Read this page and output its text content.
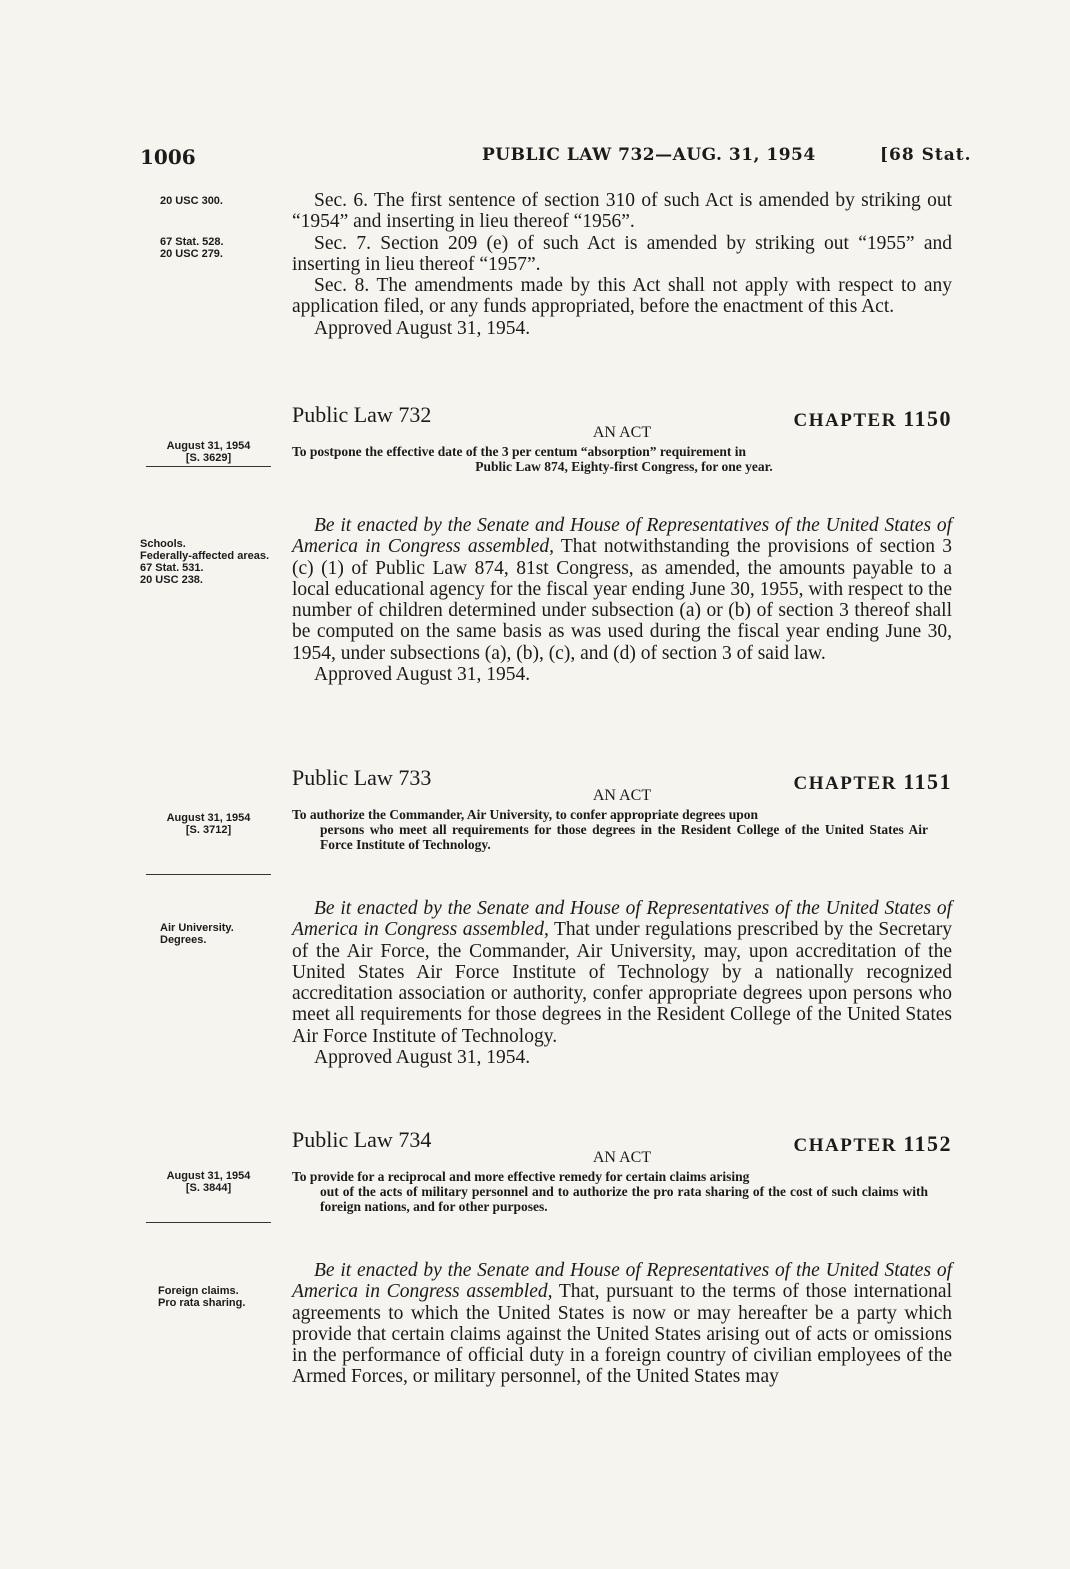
1006	PUBLIC LAW 732—AUG. 31, 1954	[68 Stat.
20 USC 300.
67 Stat. 528.
20 USC 279.

Sec. 6. The first sentence of section 310 of such Act is amended by striking out “1954” and inserting in lieu thereof “1956”.

Sec. 7. Section 209 (e) of such Act is amended by striking out “1955” and inserting in lieu thereof “1957”.

Sec. 8. The amendments made by this Act shall not apply with respect to any application filed, or any funds appropriated, before the enactment of this Act.

Approved August 31, 1954.

Public Law 732	CHAPTER 1150
AN ACT
To postpone the effective date of the 3 per centum “absorption” requirement in
Public Law 874, Eighty-first Congress, for one year.
August 31, 1954
[S. 3629]
Schools.
Federally-affected areas.
67 Stat. 531.
20 USC 238.

Be it enacted by the Senate and House of Representatives of the United States of America in Congress assembled, That notwithstanding the provisions of section 3 (c) (1) of Public Law 874, 81st Congress, as amended, the amounts payable to a local educational agency for the fiscal year ending June 30, 1955, with respect to the number of children determined under subsection (a) or (b) of section 3 thereof shall be computed on the same basis as was used during the fiscal year ending June 30, 1954, under subsections (a), (b), (c), and (d) of section 3 of said law.

Approved August 31, 1954.

Public Law 733	CHAPTER 1151
AN ACT
To authorize the Commander, Air University, to confer appropriate degrees upon
persons who meet all requirements for those degrees in the Resident College of the United States Air Force Institute of Technology.
August 31, 1954
[S. 3712]
Air University.
Degrees.

Be it enacted by the Senate and House of Representatives of the United States of America in Congress assembled, That under regulations prescribed by the Secretary of the Air Force, the Commander, Air University, may, upon accreditation of the United States Air Force Institute of Technology by a nationally recognized accreditation association or authority, confer appropriate degrees upon persons who meet all requirements for those degrees in the Resident College of the United States Air Force Institute of Technology.

Approved August 31, 1954.

Public Law 734	CHAPTER 1152
AN ACT
To provide for a reciprocal and more effective remedy for certain claims arising
out of the acts of military personnel and to authorize the pro rata sharing of the cost of such claims with foreign nations, and for other purposes.
August 31, 1954
[S. 3844]
Foreign claims.
Pro rata sharing.

Be it enacted by the Senate and House of Representatives of the United States of America in Congress assembled, That, pursuant to the terms of those international agreements to which the United States is now or may hereafter be a party which provide that certain claims against the United States arising out of acts or omissions in the performance of official duty in a foreign country of civilian employees of the Armed Forces, or military personnel, of the United States may
